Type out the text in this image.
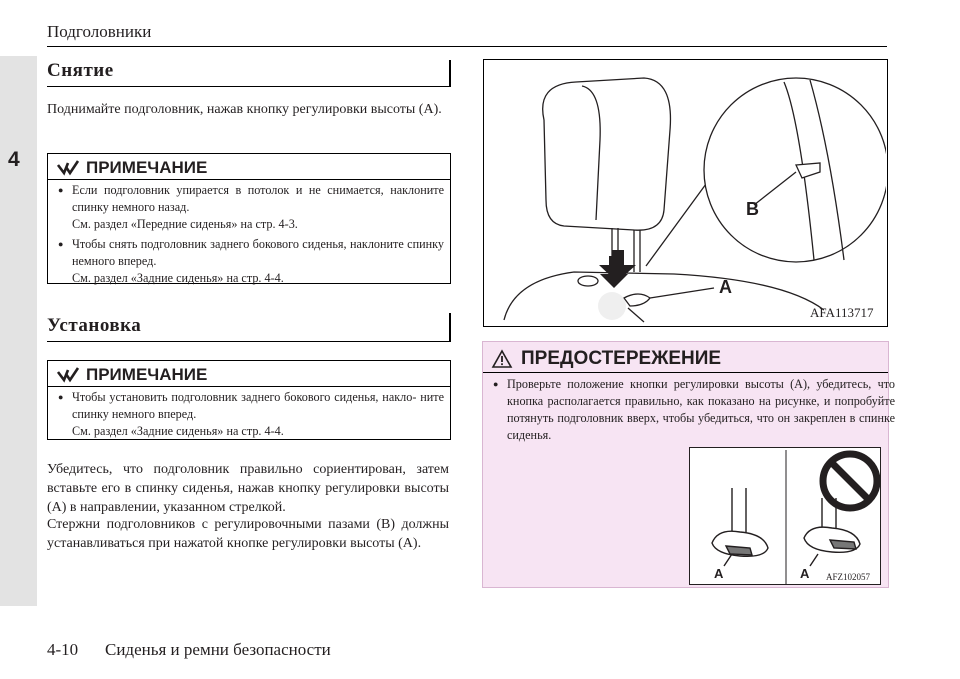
Подголовники
4
Снятие
Поднимайте подголовник, нажав кнопку регулировки высоты (А).
ПРИМЕЧАНИЕ
● Если подголовник упирается в потолок и не снимается, наклоните спинку немного назад.
См. раздел «Передние сиденья» на стр. 4-3.
● Чтобы снять подголовник заднего бокового сиденья, наклоните спинку немного вперед.
См. раздел «Задние сиденья» на стр. 4-4.
Установка
ПРИМЕЧАНИЕ
● Чтобы установить подголовник заднего бокового сиденья, накло- ните спинку немного вперед.
См. раздел «Задние сиденья» на стр. 4-4.
Убедитесь, что подголовник правильно сориентирован, затем вставьте его в спинку сиденья, нажав кнопку регулировки высоты (А) в направлении, указанном стрелкой.
Стержни подголовников с регулировочными пазами (В) должны устанавливаться при нажатой кнопке регулировки высоты (А).
A
B
AFA113717
ПРЕДОСТЕРЕЖЕНИЕ
● Проверьте положение кнопки регулировки высоты (A), убедитесь, что кнопка располагается правильно, как показано на рисунке, и попробуйте потянуть подголовник вверх, чтобы убедиться, что он закреплен в спинке сиденья.
A	A AFZ102057
4-10 Сиденья и ремни безопасности
